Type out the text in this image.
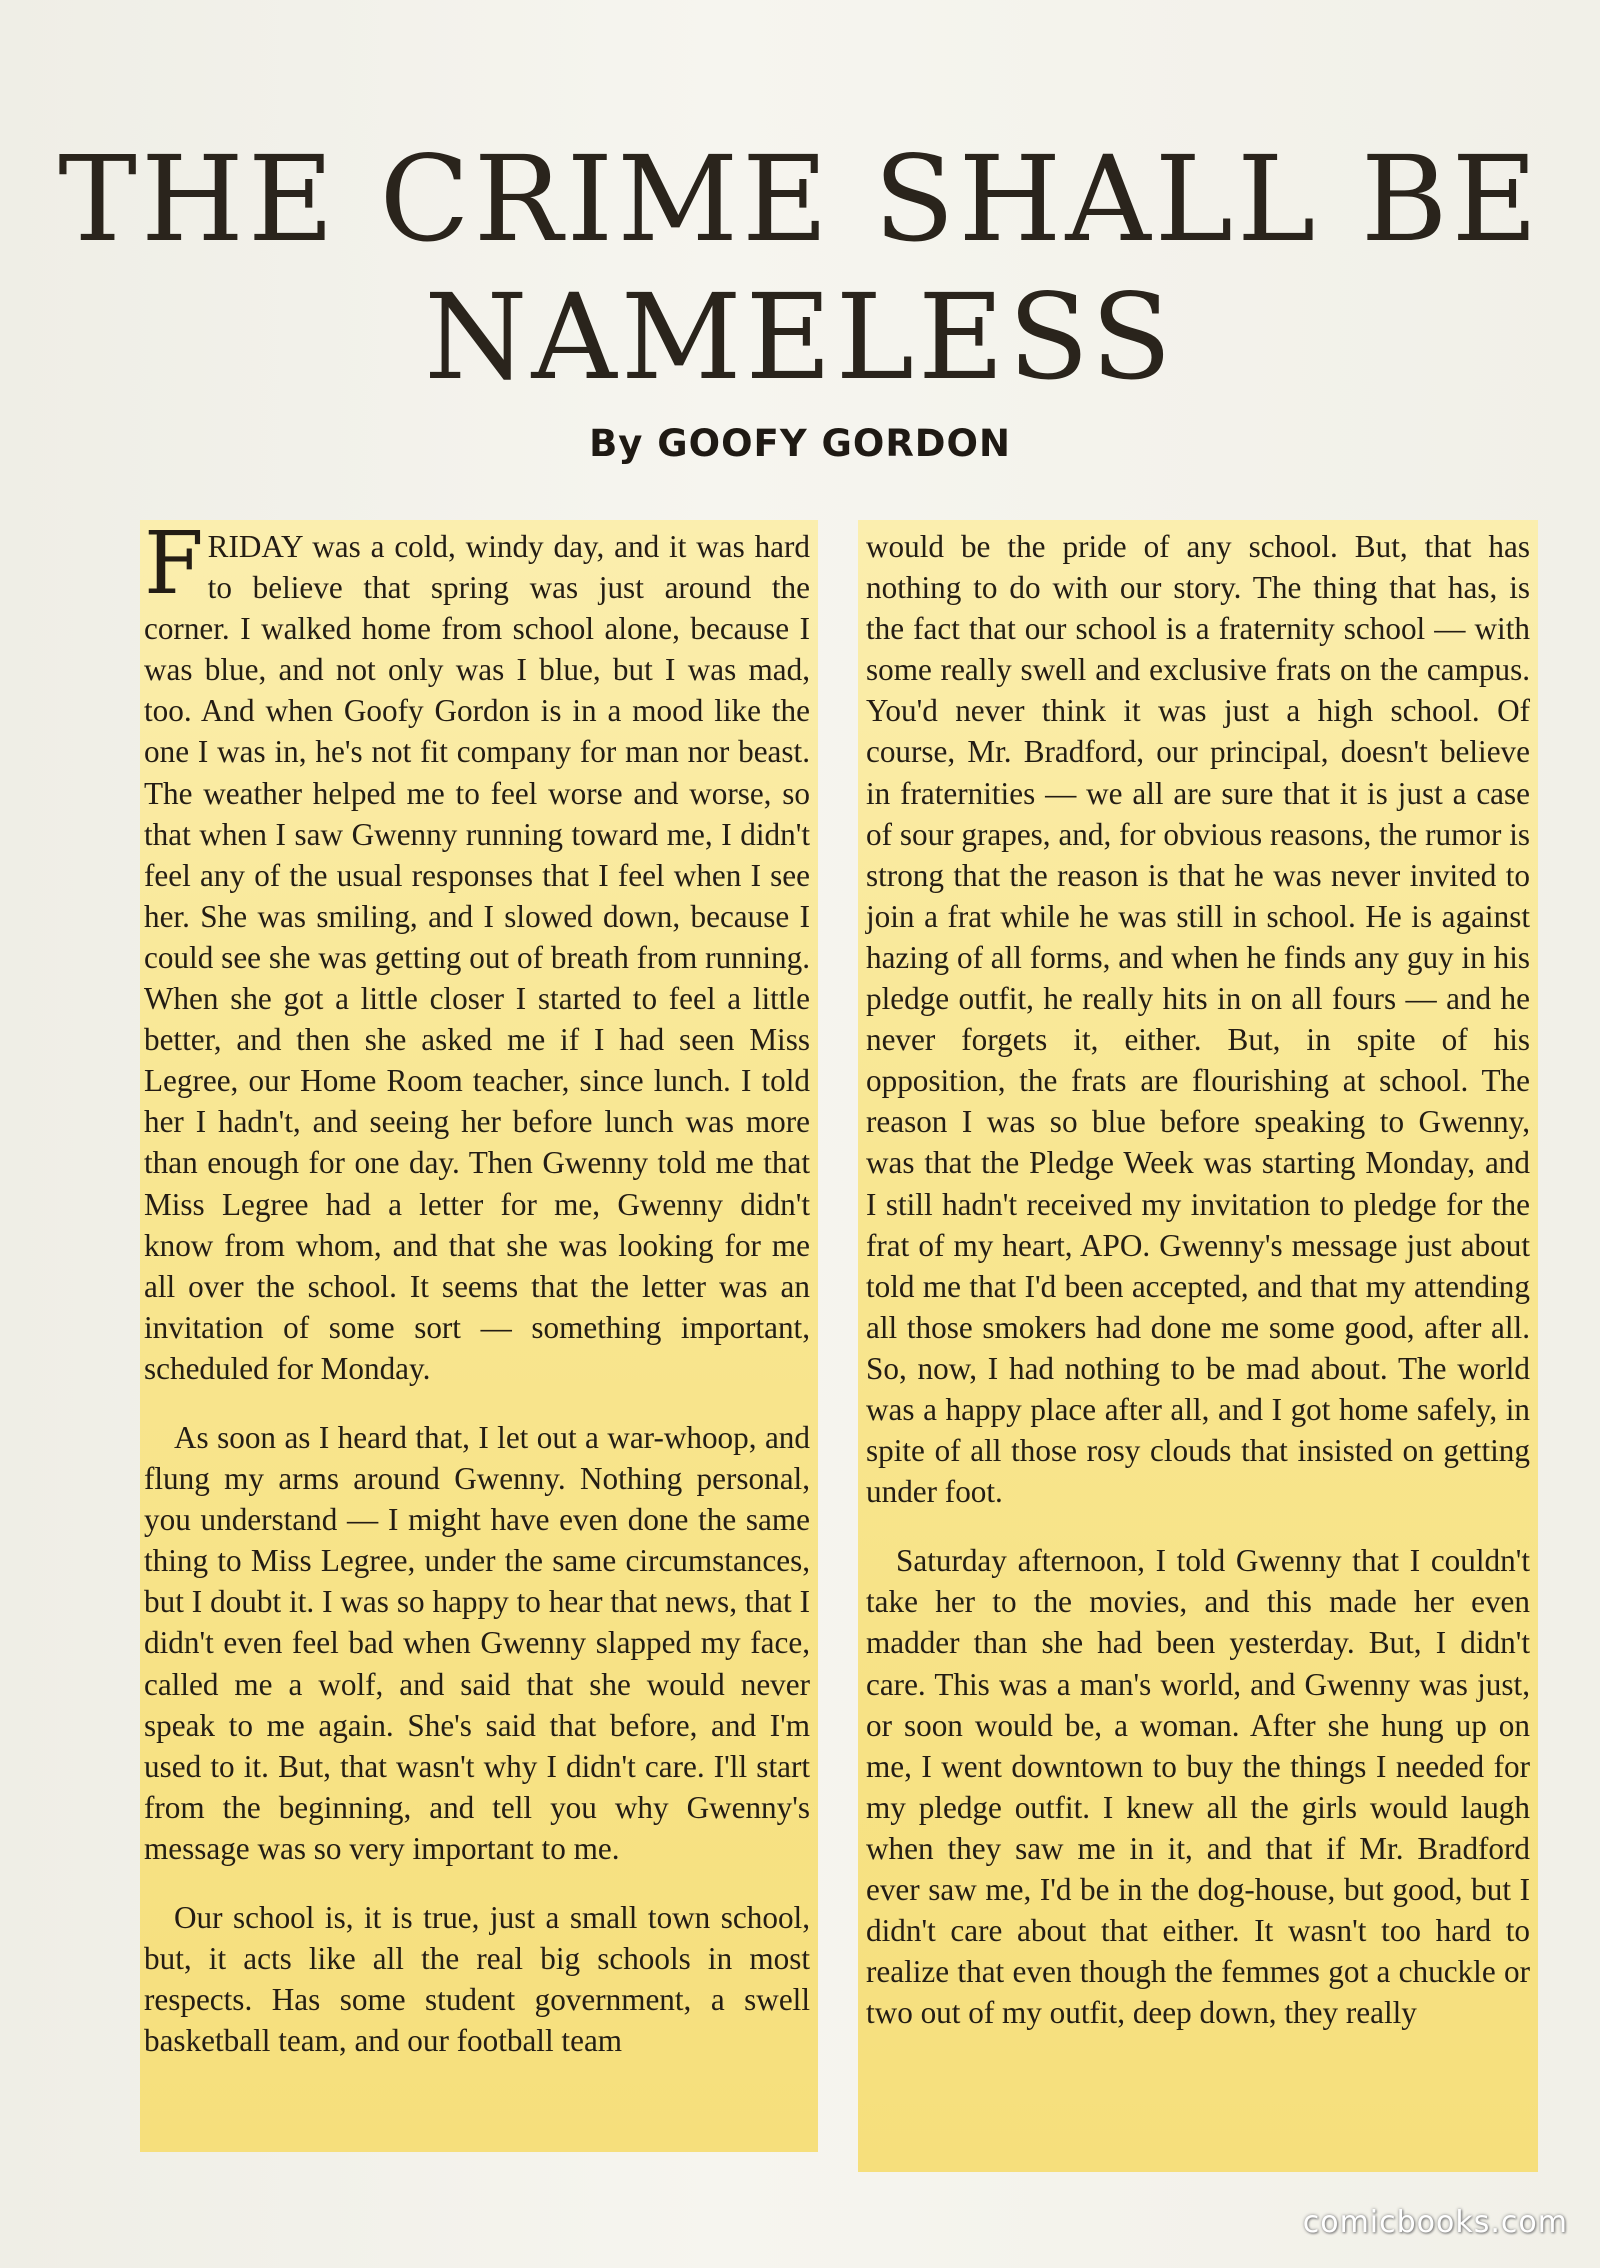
THE CRIME SHALL BE NAMELESS
By GOOFY GORDON

FRIDAY was a cold, windy day, and it was hard to believe that spring was just around the corner. I walked home from school alone, because I was blue, and not only was I blue, but I was mad, too. And when Goofy Gordon is in a mood like the one I was in, he's not fit company for man nor beast. The weather helped me to feel worse and worse, so that when I saw Gwenny running toward me, I didn't feel any of the usual responses that I feel when I see her. She was smiling, and I slowed down, because I could see she was getting out of breath from running. When she got a little closer I started to feel a little better, and then she asked me if I had seen Miss Legree, our Home Room teacher, since lunch. I told her I hadn't, and seeing her before lunch was more than enough for one day. Then Gwenny told me that Miss Legree had a letter for me, Gwenny didn't know from whom, and that she was looking for me all over the school. It seems that the letter was an invitation of some sort — something important, scheduled for Monday.

As soon as I heard that, I let out a war-whoop, and flung my arms around Gwenny. Nothing personal, you understand — I might have even done the same thing to Miss Legree, under the same circumstances, but I doubt it. I was so happy to hear that news, that I didn't even feel bad when Gwenny slapped my face, called me a wolf, and said that she would never speak to me again. She's said that before, and I'm used to it. But, that wasn't why I didn't care. I'll start from the beginning, and tell you why Gwenny's message was so very important to me.

Our school is, it is true, just a small town school, but, it acts like all the real big schools in most respects. Has some student government, a swell basketball team, and our football team

would be the pride of any school. But, that has nothing to do with our story. The thing that has, is the fact that our school is a fraternity school — with some really swell and exclusive frats on the campus. You'd never think it was just a high school. Of course, Mr. Bradford, our principal, doesn't believe in fraternities — we all are sure that it is just a case of sour grapes, and, for obvious reasons, the rumor is strong that the reason is that he was never invited to join a frat while he was still in school. He is against hazing of all forms, and when he finds any guy in his pledge outfit, he really hits in on all fours — and he never forgets it, either. But, in spite of his opposition, the frats are flourishing at school. The reason I was so blue before speaking to Gwenny, was that the Pledge Week was starting Monday, and I still hadn't received my invitation to pledge for the frat of my heart, APO. Gwenny's message just about told me that I'd been accepted, and that my attending all those smokers had done me some good, after all. So, now, I had nothing to be mad about. The world was a happy place after all, and I got home safely, in spite of all those rosy clouds that insisted on getting under foot.

Saturday afternoon, I told Gwenny that I couldn't take her to the movies, and this made her even madder than she had been yesterday. But, I didn't care. This was a man's world, and Gwenny was just, or soon would be, a woman. After she hung up on me, I went downtown to buy the things I needed for my pledge outfit. I knew all the girls would laugh when they saw me in it, and that if Mr. Bradford ever saw me, I'd be in the dog-house, but good, but I didn't care about that either. It wasn't too hard to realize that even though the femmes got a chuckle or two out of my outfit, deep down, they really

comicbooks.com
